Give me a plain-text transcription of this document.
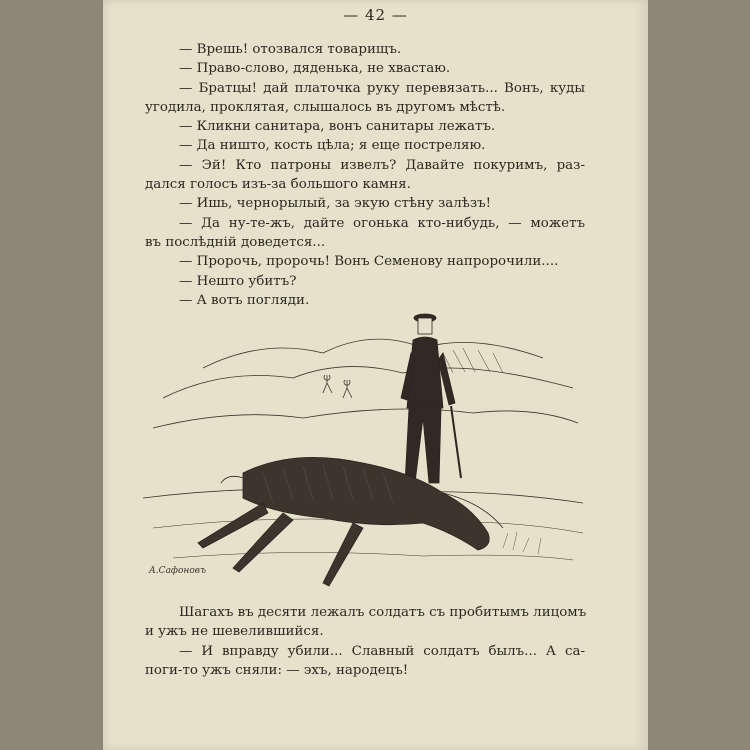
— 42 —
— Врешь! отозвался товарищъ.
— Право-слово, дяденька, не хвастаю.
— Братцы! дай платочка руку перевязать... Вонъ, куды
угодила, проклятая, слышалось въ другомъ мѣстѣ.
— Кликни санитара, вонъ санитары лежатъ.
— Да ништо, кость цѣла; я еще постреляю.
— Эй! Кто патроны извелъ? Давайте покуримъ, раз-
дался голосъ изъ-за большого камня.
— Ишь, чернорылый, за экую стѣну залѣзъ!
— Да ну-те-жъ, дайте огонька кто-нибудь, — можетъ
въ послѣдній доведется...
— Пророчь, пророчь! Вонъ Семенову напророчили....
— Нешто убитъ?
— А вотъ погляди.
А.Сафоновъ
Шагахъ въ десяти лежалъ солдатъ съ пробитымъ лицомъ
и ужъ не шевелившийся.
— И вправду убили... Славный солдатъ былъ... А са-
поги-то ужъ сняли: — эхъ, народецъ!
